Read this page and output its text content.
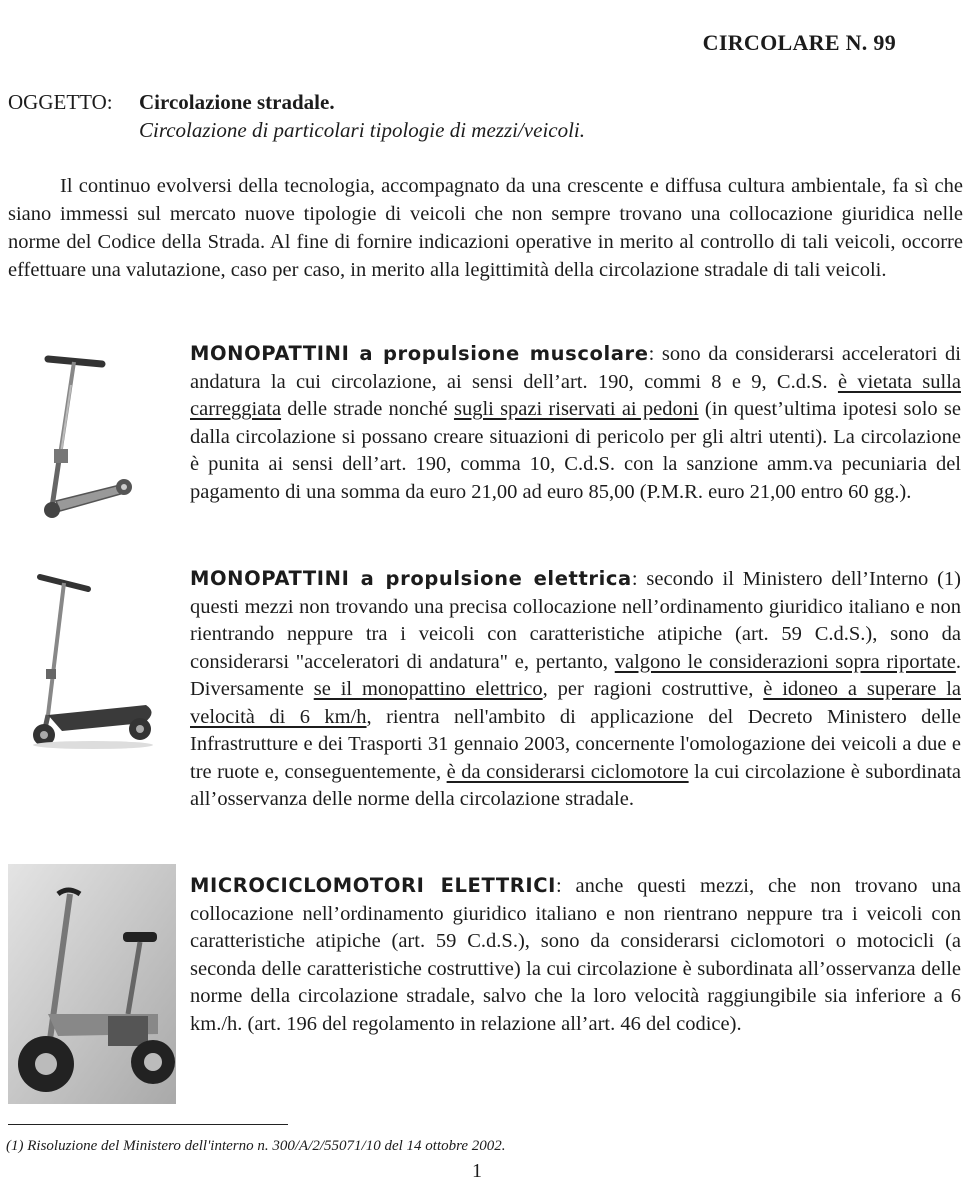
CIRCOLARE N. 99
OGGETTO: Circolazione stradale.
Circolazione di particolari tipologie di mezzi/veicoli.

Il continuo evolversi della tecnologia, accompagnato da una crescente e diffusa cultura ambientale, fa sì che siano immessi sul mercato nuove tipologie di veicoli che non sempre trovano una collocazione giuridica nelle norme del Codice della Strada. Al fine di fornire indicazioni operative in merito al controllo di tali veicoli, occorre effettuare una valutazione, caso per caso, in merito alla legittimità della circolazione stradale di tali veicoli.

MONOPATTINI a propulsione muscolare: sono da considerarsi acceleratori di andatura la cui circolazione, ai sensi dell’art. 190, commi 8 e 9, C.d.S. è vietata sulla carreggiata delle strade nonché sugli spazi riservati ai pedoni (in quest’ultima ipotesi solo se dalla circolazione si possano creare situazioni di pericolo per gli altri utenti). La circolazione è punita ai sensi dell’art. 190, comma 10, C.d.S. con la sanzione amm.va pecuniaria del pagamento di una somma da euro 21,00 ad euro 85,00 (P.M.R. euro 21,00 entro 60 gg.).

MONOPATTINI a propulsione elettrica: secondo il Ministero dell’Interno (1) questi mezzi non trovando una precisa collocazione nell’ordinamento giuridico italiano e non rientrando neppure tra i veicoli con caratteristiche atipiche (art. 59 C.d.S.), sono da considerarsi "acceleratori di andatura" e, pertanto, valgono le considerazioni sopra riportate. Diversamente se il monopattino elettrico, per ragioni costruttive, è idoneo a superare la velocità di 6 km/h, rientra nell'ambito di applicazione del Decreto Ministero delle Infrastrutture e dei Trasporti 31 gennaio 2003, concernente l'omologazione dei veicoli a due e tre ruote e, conseguentemente, è da considerarsi ciclomotore la cui circolazione è subordinata all’osservanza delle norme della circolazione stradale.

MICROCICLOMOTORI ELETTRICI: anche questi mezzi, che non trovano una collocazione nell’ordinamento giuridico italiano e non rientrano neppure tra i veicoli con caratteristiche atipiche (art. 59 C.d.S.), sono da considerarsi ciclomotori o motocicli (a seconda delle caratteristiche costruttive) la cui circolazione è subordinata all’osservanza delle norme della circolazione stradale, salvo che la loro velocità raggiungibile sia inferiore a 6 km./h. (art. 196 del regolamento in relazione all’art. 46 del codice).

(1) Risoluzione del Ministero dell'interno n. 300/A/2/55071/10 del 14 ottobre 2002.
1
